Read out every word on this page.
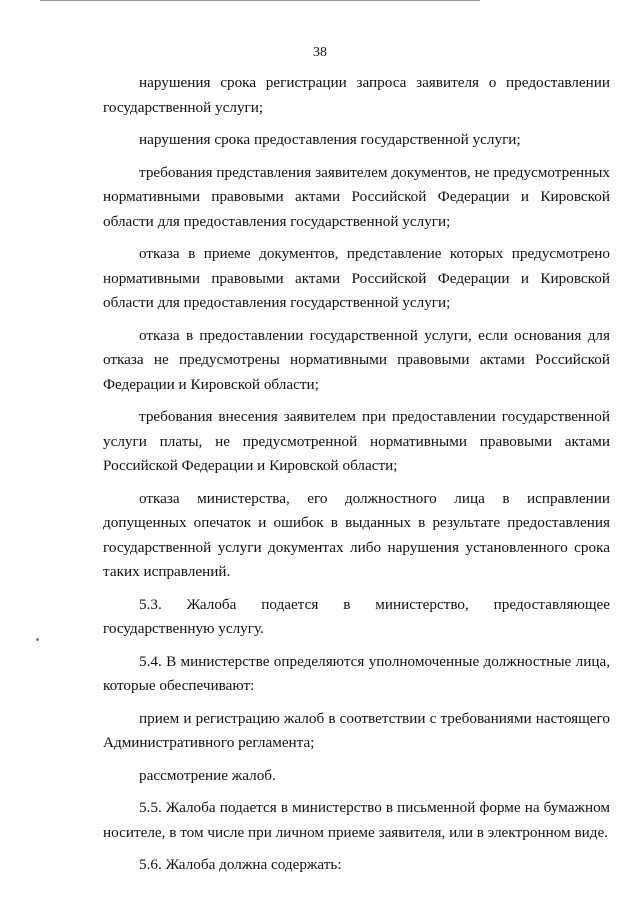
38

нарушения срока регистрации запроса заявителя о предоставлении государственной услуги;

нарушения срока предоставления государственной услуги;

требования представления заявителем документов, не предусмотренных нормативными правовыми актами Российской Федерации и Кировской области для предоставления государственной услуги;

отказа в приеме документов, представление которых предусмотрено нормативными правовыми актами Российской Федерации и Кировской области для предоставления государственной услуги;

отказа в предоставлении государственной услуги, если основания для отказа не предусмотрены нормативными правовыми актами Российской Федерации и Кировской области;

требования внесения заявителем при предоставлении государственной услуги платы, не предусмотренной нормативными правовыми актами Российской Федерации и Кировской области;

отказа министерства, его должностного лица в исправлении допущенных опечаток и ошибок в выданных в результате предоставления государственной услуги документах либо нарушения установленного срока таких исправлений.

5.3. Жалоба подается в министерство, предоставляющее государственную услугу.

5.4. В министерстве определяются уполномоченные должностные лица, которые обеспечивают:

прием и регистрацию жалоб в соответствии с требованиями настоящего Административного регламента;

рассмотрение жалоб.

5.5. Жалоба подается в министерство в письменной форме на бумажном носителе, в том числе при личном приеме заявителя, или в электронном виде.

5.6. Жалоба должна содержать:
